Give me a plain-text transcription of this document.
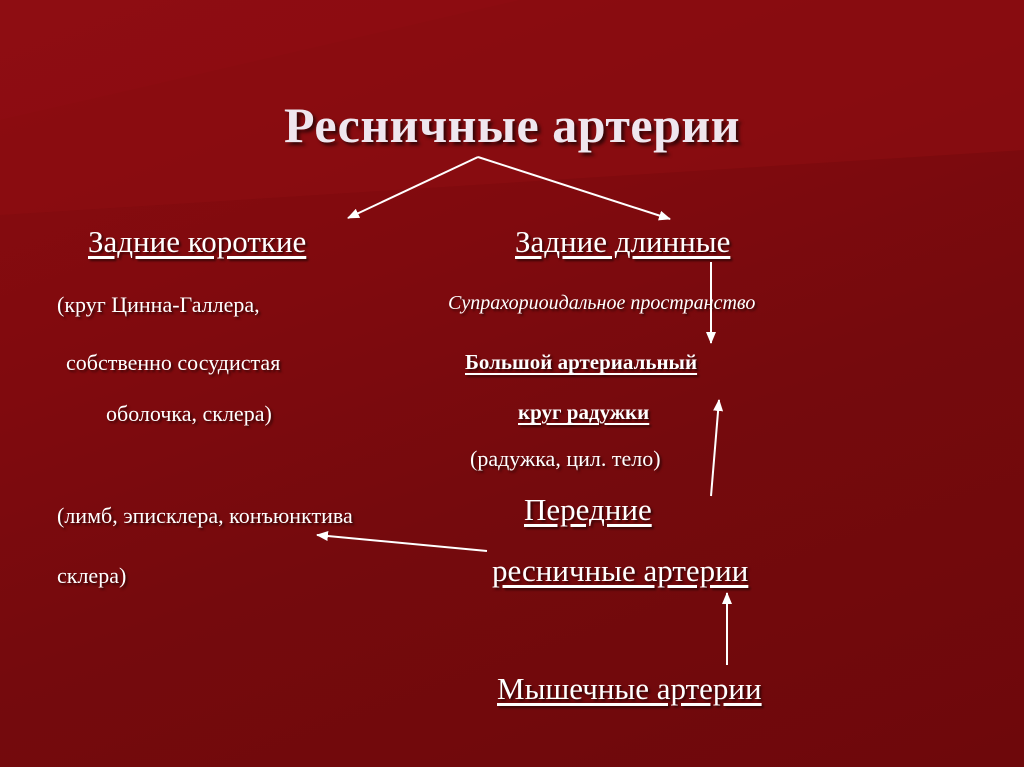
Ресничные артерии
Задние короткие
(круг Цинна-Галлера,
собственно сосудистая
оболочка, склера)
(лимб, эписклера, конъюнктива
склера)
Задние длинные
Супрахориоидальное пространство
Большой артериальный
круг радужки
(радужка, цил. тело)
Передние
ресничные артерии
Мышечные артерии
